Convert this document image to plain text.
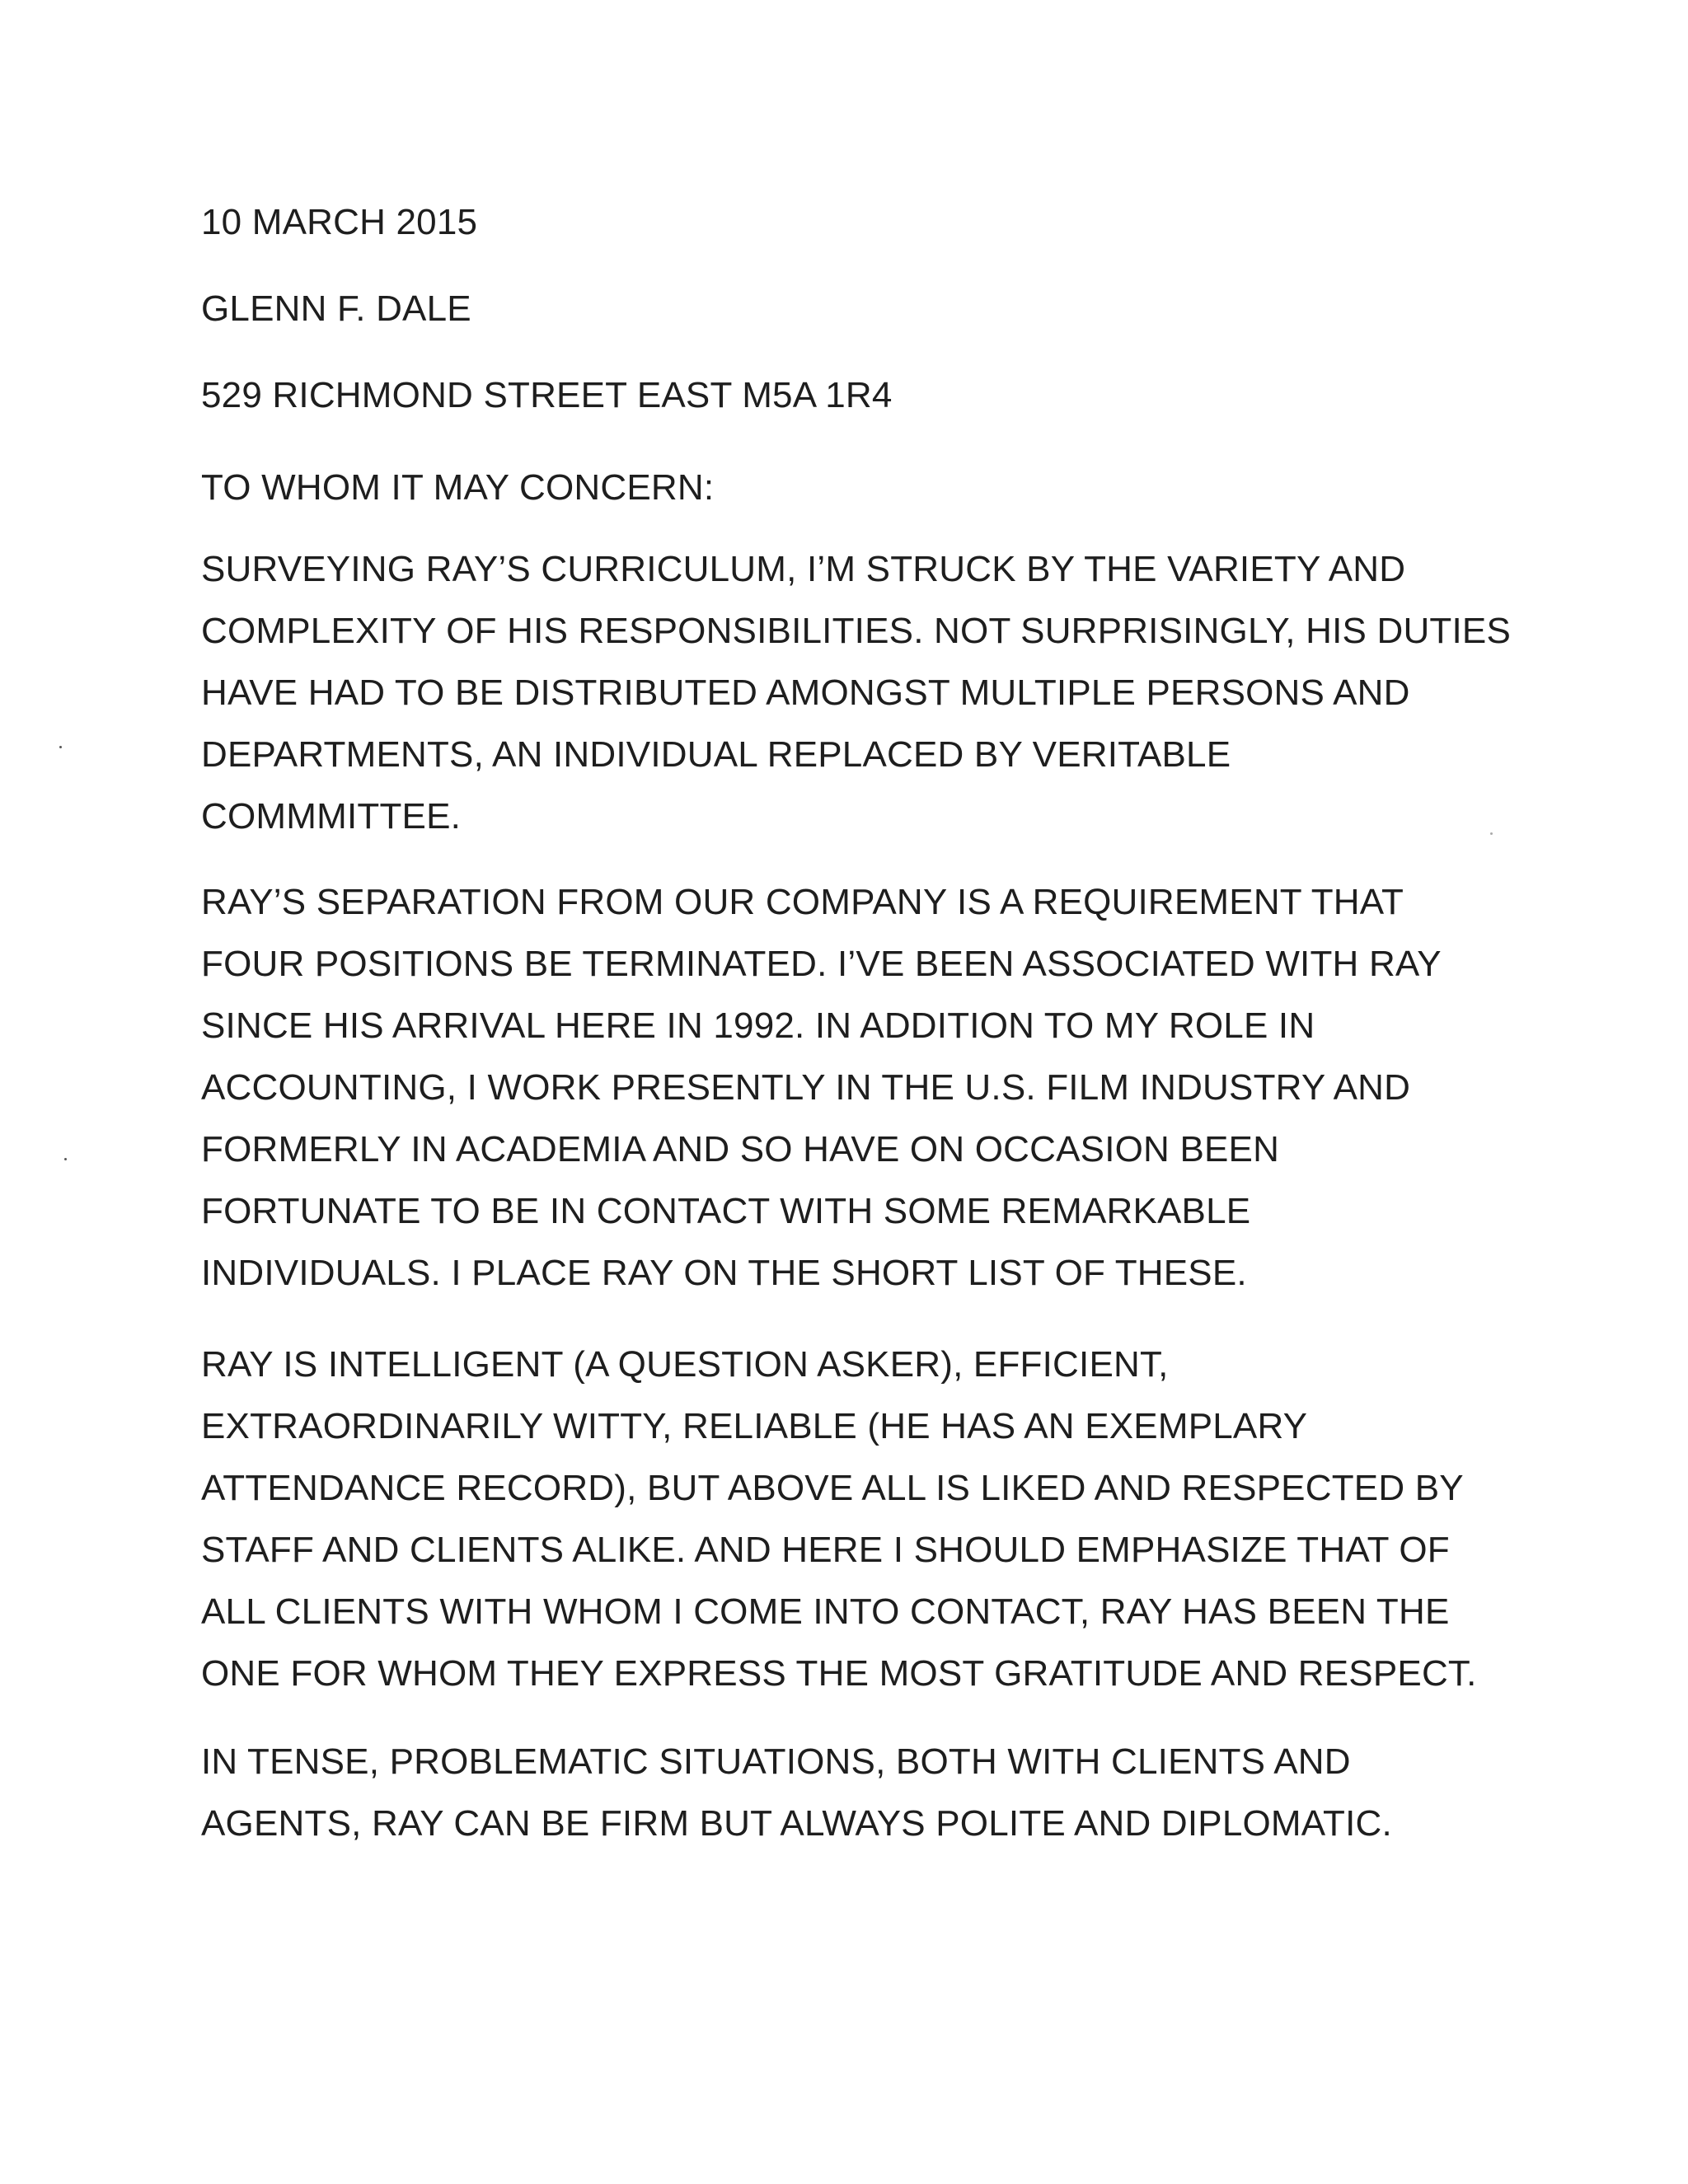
10 MARCH 2015
GLENN F. DALE
529 RICHMOND STREET EAST M5A 1R4
TO WHOM IT MAY CONCERN:
SURVEYING RAY’S CURRICULUM, I’M STRUCK BY THE VARIETY AND
COMPLEXITY OF HIS RESPONSIBILITIES. NOT SURPRISINGLY, HIS DUTIES
HAVE HAD TO BE DISTRIBUTED AMONGST MULTIPLE PERSONS AND
DEPARTMENTS, AN INDIVIDUAL REPLACED BY VERITABLE
COMMMITTEE.
RAY’S SEPARATION FROM OUR COMPANY IS A REQUIREMENT THAT
FOUR POSITIONS BE TERMINATED. I’VE BEEN ASSOCIATED WITH RAY
SINCE HIS ARRIVAL HERE IN 1992. IN ADDITION TO MY ROLE IN
ACCOUNTING, I WORK PRESENTLY IN THE U.S. FILM INDUSTRY AND
FORMERLY IN ACADEMIA AND SO HAVE ON OCCASION BEEN
FORTUNATE TO BE IN CONTACT WITH SOME REMARKABLE
INDIVIDUALS. I PLACE RAY ON THE SHORT LIST OF THESE.
RAY IS INTELLIGENT (A QUESTION ASKER), EFFICIENT,
EXTRAORDINARILY WITTY, RELIABLE (HE HAS AN EXEMPLARY
ATTENDANCE RECORD), BUT ABOVE ALL IS LIKED AND RESPECTED BY
STAFF AND CLIENTS ALIKE. AND HERE I SHOULD EMPHASIZE THAT OF
ALL CLIENTS WITH WHOM I COME INTO CONTACT, RAY HAS BEEN THE
ONE FOR WHOM THEY EXPRESS THE MOST GRATITUDE AND RESPECT.
IN TENSE, PROBLEMATIC SITUATIONS, BOTH WITH CLIENTS AND
AGENTS, RAY CAN BE FIRM BUT ALWAYS POLITE AND DIPLOMATIC.
